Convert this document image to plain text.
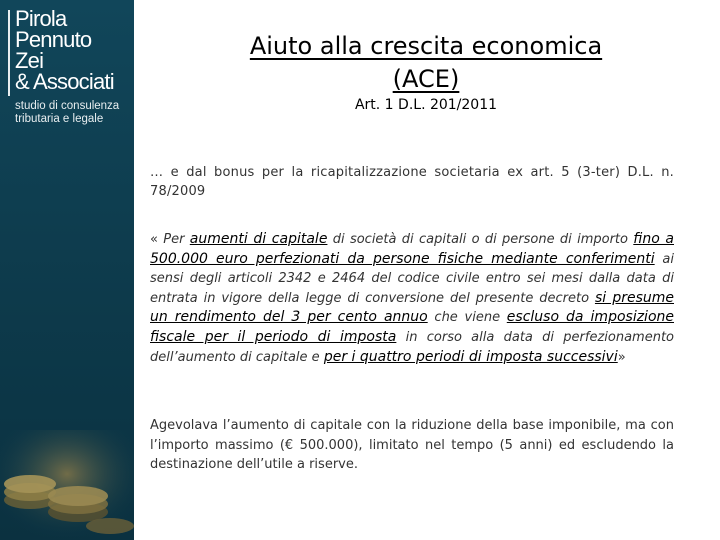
Pirola
Pennuto
Zei
& Associati
studio di consulenza
tributaria e legale
Aiuto alla crescita economica
(ACE)
Art. 1 D.L. 201/2011
… e dal bonus per la ricapitalizzazione societaria ex art. 5 (3-ter) D.L. n. 78/2009
« Per aumenti di capitale di società di capitali o di persone di importo fino a 500.000 euro perfezionati da persone fisiche mediante conferimenti ai sensi degli articoli 2342 e 2464 del codice civile entro sei mesi dalla data di entrata in vigore della legge di conversione del presente decreto si presume un rendimento del 3 per cento annuo che viene escluso da imposizione fiscale per il periodo di imposta in corso alla data di perfezionamento dell’aumento di capitale e per i quattro periodi di imposta successivi»
Agevolava l’aumento di capitale con la riduzione della base imponibile, ma con l’importo massimo (€ 500.000), limitato nel tempo (5 anni) ed escludendo la destinazione dell’utile a riserve.
